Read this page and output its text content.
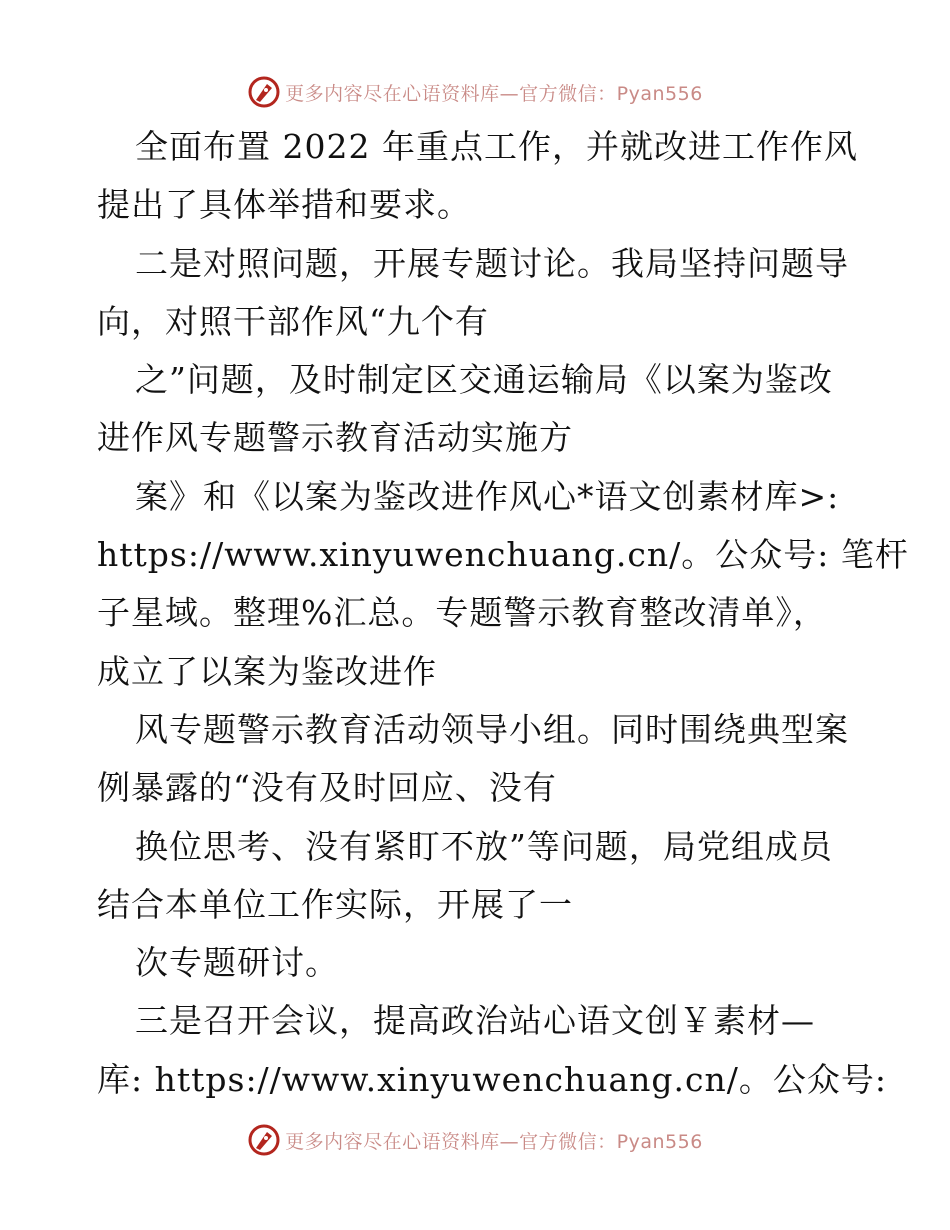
更多内容尽在心语资料库—官方微信：Pyan556
全面布置 2022 年重点工作，并就改进工作作风
提出了具体举措和要求。
二是对照问题，开展专题讨论。我局坚持问题导
向，对照干部作风“九个有
之”问题，及时制定区交通运输局《以案为鉴改
进作风专题警示教育活动实施方
案》和《以案为鉴改进作风心*语文创素材库>:
https://www.xinyuwenchuang.cn/。公众号: 笔杆
子星域。整理%汇总。专题警示教育整改清单》，
成立了以案为鉴改进作
风专题警示教育活动领导小组。同时围绕典型案
例暴露的“没有及时回应、没有
换位思考、没有紧盯不放”等问题，局党组成员
结合本单位工作实际，开展了一
次专题研讨。
三是召开会议，提高政治站心语文创￥素材—
库: https://www.xinyuwenchuang.cn/。公众号:
更多内容尽在心语资料库—官方微信：Pyan556
